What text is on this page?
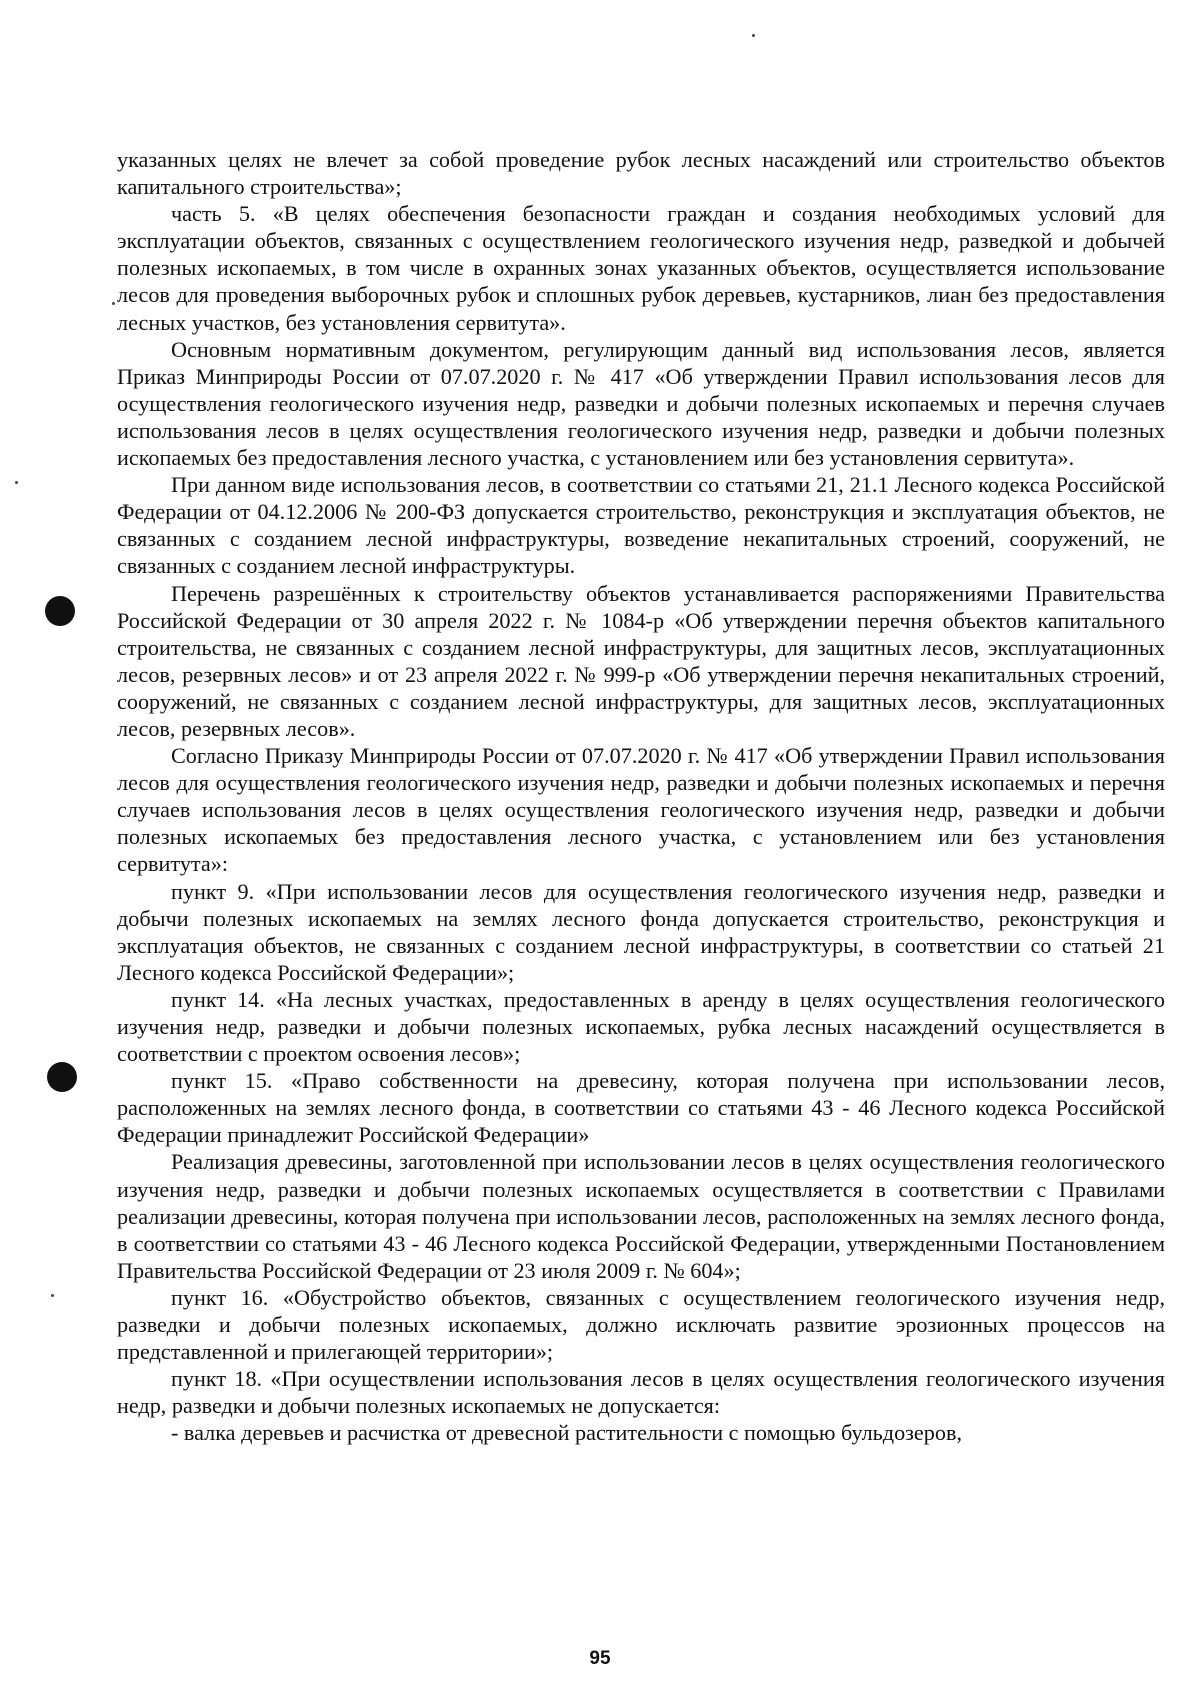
указанных целях не влечет за собой проведение рубок лесных насаждений или строительство объектов капитального строительства»;

часть 5. «В целях обеспечения безопасности граждан и создания необходимых условий для эксплуатации объектов, связанных с осуществлением геологического изучения недр, разведкой и добычей полезных ископаемых, в том числе в охранных зонах указанных объектов, осуществляется использование лесов для проведения выборочных рубок и сплошных рубок деревьев, кустарников, лиан без предоставления лесных участков, без установления сервитута».

Основным нормативным документом, регулирующим данный вид использования лесов, является Приказ Минприроды России от 07.07.2020 г. № 417 «Об утверждении Правил использования лесов для осуществления геологического изучения недр, разведки и добычи полезных ископаемых и перечня случаев использования лесов в целях осуществления геологического изучения недр, разведки и добычи полезных ископаемых без предоставления лесного участка, с установлением или без установления сервитута».

При данном виде использования лесов, в соответствии со статьями 21, 21.1 Лесного кодекса Российской Федерации от 04.12.2006 № 200-ФЗ допускается строительство, реконструкция и эксплуатация объектов, не связанных с созданием лесной инфраструктуры, возведение некапитальных строений, сооружений, не связанных с созданием лесной инфраструктуры.

Перечень разрешённых к строительству объектов устанавливается распоряжениями Правительства Российской Федерации от 30 апреля 2022 г. № 1084-р «Об утверждении перечня объектов капитального строительства, не связанных с созданием лесной инфраструктуры, для защитных лесов, эксплуатационных лесов, резервных лесов» и от 23 апреля 2022 г. № 999-р «Об утверждении перечня некапитальных строений, сооружений, не связанных с созданием лесной инфраструктуры, для защитных лесов, эксплуатационных лесов, резервных лесов».

Согласно Приказу Минприроды России от 07.07.2020 г. № 417 «Об утверждении Правил использования лесов для осуществления геологического изучения недр, разведки и добычи полезных ископаемых и перечня случаев использования лесов в целях осуществления геологического изучения недр, разведки и добычи полезных ископаемых без предоставления лесного участка, с установлением или без установления сервитута»:

пункт 9. «При использовании лесов для осуществления геологического изучения недр, разведки и добычи полезных ископаемых на землях лесного фонда допускается строительство, реконструкция и эксплуатация объектов, не связанных с созданием лесной инфраструктуры, в соответствии со статьей 21 Лесного кодекса Российской Федерации»;

пункт 14. «На лесных участках, предоставленных в аренду в целях осуществления геологического изучения недр, разведки и добычи полезных ископаемых, рубка лесных насаждений осуществляется в соответствии с проектом освоения лесов»;

пункт 15. «Право собственности на древесину, которая получена при использовании лесов, расположенных на землях лесного фонда, в соответствии со статьями 43 - 46 Лесного кодекса Российской Федерации принадлежит Российской Федерации»

Реализация древесины, заготовленной при использовании лесов в целях осуществления геологического изучения недр, разведки и добычи полезных ископаемых осуществляется в соответствии с Правилами реализации древесины, которая получена при использовании лесов, расположенных на землях лесного фонда, в соответствии со статьями 43 - 46 Лесного кодекса Российской Федерации, утвержденными Постановлением Правительства Российской Федерации от 23 июля 2009 г. № 604»;

пункт 16. «Обустройство объектов, связанных с осуществлением геологического изучения недр, разведки и добычи полезных ископаемых, должно исключать развитие эрозионных процессов на представленной и прилегающей территории»;

пункт 18. «При осуществлении использования лесов в целях осуществления геологического изучения недр, разведки и добычи полезных ископаемых не допускается:

- валка деревьев и расчистка от древесной растительности с помощью бульдозеров,

95
